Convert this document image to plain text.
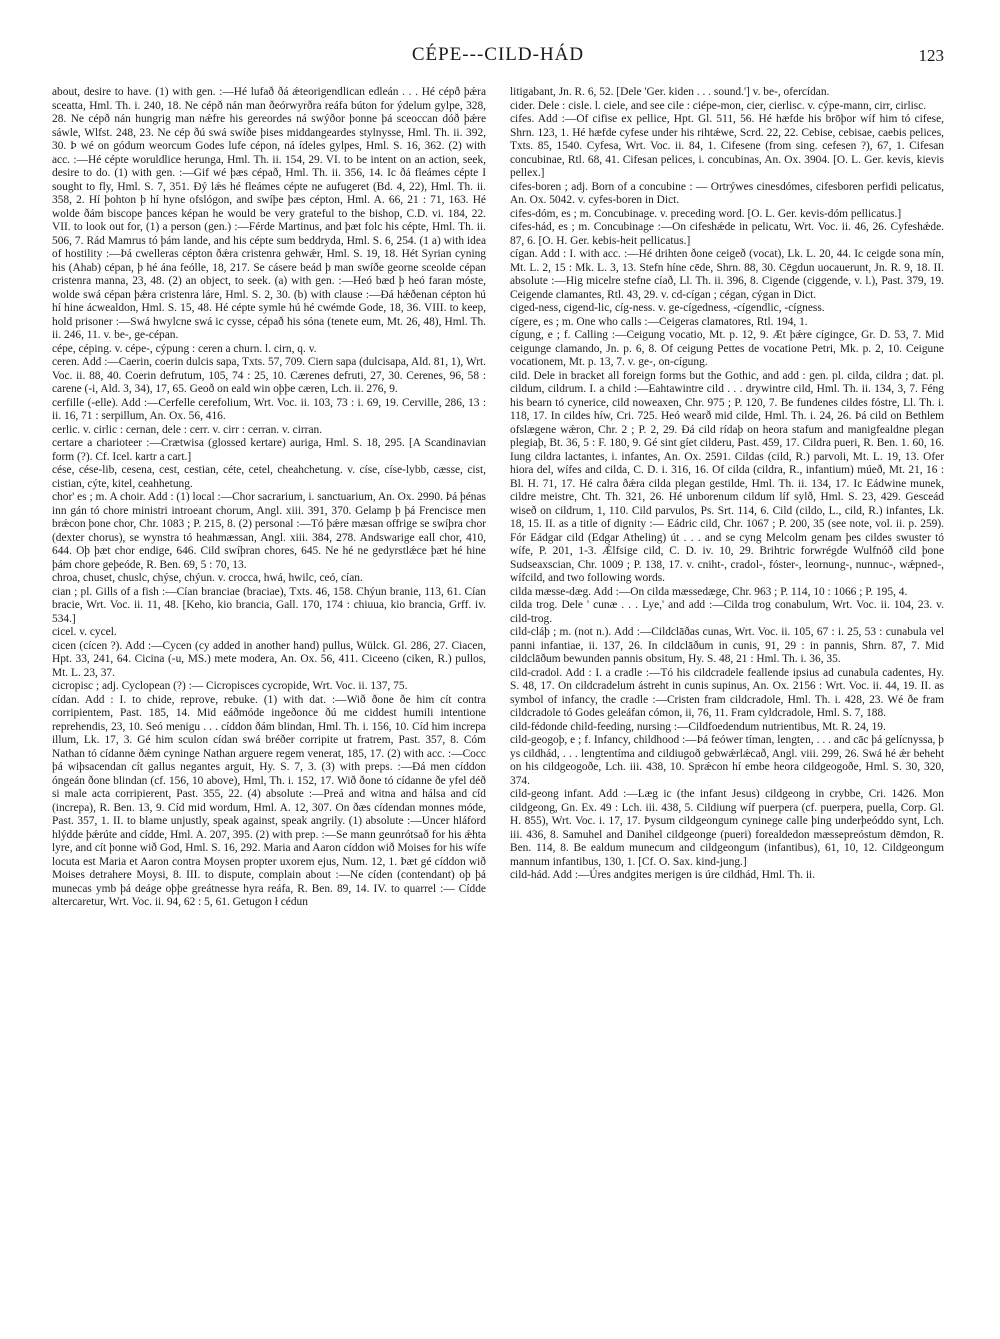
CÉPE---CILD-HÁD	123

about, desire to have. (1) with gen. :—Hé lufað ðá ǽteorigendlican edleán . . . Hé cépð þǽra sceatta, Hml. Th. i. 240, 18. Ne cépð nán man ðeórwyrðra reáfa búton for ýdelum gylpe, 328, 28. Ne cépð nán hungrig man nǽfre his gereordes ná swýðor þonne þá sceoccan dóð þǽre sáwle, Wlfst. 248, 23. Ne cép ðú swá swíðe þises middangeardes stylnysse, Hml. Th. ii. 392, 30. Þ wé on gódum weorcum Godes lufe cépon, ná ídeles gylpes, Hml. S. 16, 362. (2) with acc. :—Hé cépte woruldlice herunga, Hml. Th. ii. 154, 29. VI. to be intent on an action, seek, desire to do. (1) with gen. :—Gif wé þæs cépað, Hml. Th. ii. 356, 14. Ic ðá fleámes cépte I sought to fly, Hml. S. 7, 351. Ðý lǽs hé fleámes cépte ne aufugeret (Bd. 4, 22), Hml. Th. ii. 358, 2. Hí þohton þ hí hyne ofslógon, and swíþe þæs cépton, Hml. A. 66, 21 : 71, 163. Hé wolde ðám biscope þances képan he would be very grateful to the bishop, C.D. vi. 184, 22. VII. to look out for, (1) a person (gen.) :—Férde Martinus, and þæt folc his cépte, Hml. Th. ii. 506, 7. Rád Mamrus tó þám lande, and his cépte sum beddryda, Hml. S. 6, 254. (1 a) with idea of hostility :—Þá cwelleras cépton ðǽra cristenra gehwǽr, Hml. S. 19, 18. Hét Syrian cyning his (Ahab) cépan, þ hé ána feólle, 18, 217. Se cásere beád þ man swíðe georne sceolde cépan cristenra manna, 23, 48. (2) an object, to seek. (a) with gen. :—Heó bæd þ heó faran móste, wolde swá cépan þǽra cristenra láre, Hml. S. 2, 30. (b) with clause :—Ðá hǽðenan cépton hú hí hine ácwealdon, Hml. S. 15, 48. Hé cépte symle hú hé cwémde Gode, 18, 36. VIII. to keep, hold prisoner :—Swá hwylcne swá ic cysse, cépað his sóna (tenete eum, Mt. 26, 48), Hml. Th. ii. 246, 11. v. be-, ge-cépan.

cépe, céping. v. cépe-, cýpung : ceren a churn. l. cirn, q. v.

ceren. Add :—Caerin, coerin dulcis sapa, Txts. 57, 709. Ciern sapa (dulcisapa, Ald. 81, 1), Wrt. Voc. ii. 88, 40. Coerin defrutum, 105, 74 : 25, 10. Cærenes defruti, 27, 30. Cerenes, 96, 58 : carene (-i, Ald. 3, 34), 17, 65. Geoð on eald win oþþe cæren, Lch. ii. 276, 9.

cerfille (-elle). Add :—Cerfelle cerefolium, Wrt. Voc. ii. 103, 73 : i. 69, 19. Cerville, 286, 13 : ii. 16, 71 : serpillum, An. Ox. 56, 416.

cerlic. v. cirlic : cernan, dele : cerr. v. cirr : cerran. v. cirran.

certare a charioteer :—Crætwisa (glossed kertare) auriga, Hml. S. 18, 295. [A Scandinavian form (?). Cf. Icel. kartr a cart.]

cése, cése-lib, cesena, cest, cestian, céte, cetel, cheahchetung. v. císe, císe-lybb, cæsse, cist, cistian, cýte, kitel, ceahhetung.

chor' es ; m. A choir. Add : (1) local :—Chor sacrarium, i. sanctuarium, An. Ox. 2990. Þá þénas inn gán tó chore ministri introeant chorum, Angl. xiii. 391, 370. Gelamp þ þá Frencisce men brǽcon þone chor, Chr. 1083 ; P. 215, 8. (2) personal :—Tó þǽre mæsan offrige se swíþra chor (dexter chorus), se wynstra tó heahmæssan, Angl. xiii. 384, 278. Andswarige eall chor, 410, 644. Oþ þæt chor endige, 646. Cild swíþran chores, 645. Ne hé ne gedyrstlǽce þæt hé hine þám chore geþeóde, R. Ben. 69, 5 : 70, 13.

chroa, chuset, chuslc, chýse, chýun. v. crocca, hwá, hwilc, ceó, cían.

cian ; pl. Gills of a fish :—Cían branciae (braciae), Txts. 46, 158. Chýun branie, 113, 61. Cían bracie, Wrt. Voc. ii. 11, 48. [Keho, kio brancia, Gall. 170, 174 : chiuua, kio brancia, Grff. iv. 534.]

cicel. v. cycel.

cicen (cícen ?). Add :—Cycen (cy added in another hand) pullus, Wülck. Gl. 286, 27. Ciacen, Hpt. 33, 241, 64. Cicina (-u, MS.) mete modera, An. Ox. 56, 411. Ciceeno (ciken, R.) pullos, Mt. L. 23, 37.

cicropisc ; adj. Cyclopean (?) :— Cicropisces cycropide, Wrt. Voc. ii. 137, 75.

cídan. Add : I. to chide, reprove, rebuke. (1) with dat. :—Wið ðone ðe him cít contra corripientem, Past. 185, 14. Mid eáðmóde ingeðonce ðú me ciddest humili intentione reprehendis, 23, 10. Seó menigu . . . cíddon ðám blindan, Hml. Th. i. 156, 10. Cíd him increpa illum, Lk. 17, 3. Gé him sculon cídan swá bréðer corripite ut fratrem, Past. 357, 8. Cóm Nathan tó cídanne ðǽm cyninge Nathan arguere regem venerat, 185, 17. (2) with acc. :—Cocc þá wiþsacendan cít gallus negantes arguit, Hy. S. 7, 3. (3) with preps. :—Ðá men cíddon óngeán ðone blindan (cf. 156, 10 above), Hml, Th. i. 152, 17. Wið ðone tó cídanne ðe yfel déð si male acta corripierent, Past. 355, 22. (4) absolute :—Preá and witna and hálsa and cíd (increpa), R. Ben. 13, 9. Cíd mid wordum, Hml. A. 12, 307. On ðæs cídendan monnes móde, Past. 357, 1. II. to blame unjustly, speak against, speak angrily. (1) absolute :—Uncer hláford hlýdde þǽrúte and cídde, Hml. A. 207, 395. (2) with prep. :—Se mann geunrótsað for his ǽhta lyre, and cít þonne wið God, Hml. S. 16, 292. Maria and Aaron cíddon wið Moises for his wífe locuta est Maria et Aaron contra Moysen propter uxorem ejus, Num. 12, 1. Þæt gé cíddon wið Moises detrahere Moysi, 8. III. to dispute, complain about :—Ne cíden (contendant) oþ þá munecas ymb þá deáge oþþe greátnesse hyra reáfa, R. Ben. 89, 14. IV. to quarrel :— Cídde altercaretur, Wrt. Voc. ii. 94, 62 : 5, 61. Getugon ł cédun

litigabant, Jn. R. 6, 52. [Dele 'Ger. kiden . . . sound.'] v. be-, ofercídan.

cider. Dele : cisle. l. ciele, and see cile : ciépe-mon, cier, cierlisc. v. cýpe-mann, cirr, cirlisc.

cifes. Add :—Of cifise ex pellice, Hpt. Gl. 511, 56. Hé hæfde his brōþor wíf him tó cifese, Shrn. 123, 1. Hé hæfde cyfese under his rihtǽwe, Scrd. 22, 22. Cebise, cebisae, caebis pelices, Txts. 85, 1540. Cyfesa, Wrt. Voc. ii. 84, 1. Cifesene (from sing. cefesen ?), 67, 1. Cifesan concubinae, Rtl. 68, 41. Cifesan pelices, i. concubinas, An. Ox. 3904. [O. L. Ger. kevis, kievis pellex.]

cifes-boren ; adj. Born of a concubine : — Ortrýwes cinesdómes, cifesboren perfidi pelicatus, An. Ox. 5042. v. cyfes-boren in Dict.

cifes-dóm, es ; m. Concubinage. v. preceding word. [O. L. Ger. kevis-dóm pellicatus.]

cifes-hád, es ; m. Concubinage :—On cifeshǽde in pelicatu, Wrt. Voc. ii. 46, 26. Cyfeshǽde. 87, 6. [O. H. Ger. kebis-heit pellicatus.]

cígan. Add : I. with acc. :—Hé drihten ðone ceigeð (vocat), Lk. L. 20, 44. Ic ceigde sona mín, Mt. L. 2, 15 : Mk. L. 3, 13. Stefn híne cēde, Shrn. 88, 30. Cēgdun uocauerunt, Jn. R. 9, 18. II. absolute :—Hig micelre stefne cíað, Ll. Th. ii. 396, 8. Cigende (ciggende, v. l.), Past. 379, 19. Ceigende clamantes, Rtl. 43, 29. v. cd-cígan ; cégan, cýgan in Dict.

ciged-ness, cigend-lic, cíg-ness. v. ge-cígedness, -cígendlic, -cígness.

cígere, es ; m. One who calls :—Ceigeras clamatores, Rtl. 194, 1.

cígung, e ; f. Calling :—Ceigung vocatio, Mt. p. 12, 9. Æt þǽre cígingce, Gr. D. 53, 7. Mid ceigunge clamando, Jn. p. 6, 8. Of ceigung Pettes de vocatione Petri, Mk. p. 2, 10. Ceigune vocationem, Mt. p. 13, 7. v. ge-, on-cígung.

cild. Dele in bracket all foreign forms but the Gothic, and add : gen. pl. cilda, cildra ; dat. pl. cildum, cildrum. I. a child :—Eahtawintre cild . . . drywintre cild, Hml. Th. ii. 134, 3, 7. Féng his bearn tó cynerice, cild noweaxen, Chr. 975 ; P. 120, 7. Be fundenes cildes fóstre, Ll. Th. i. 118, 17. In cildes híw, Cri. 725. Heó wearð mid cilde, Hml. Th. i. 24, 26. Þá cild on Bethlem ofslægene wǽron, Chr. 2 ; P. 2, 29. Ðá cild rídaþ on heora stafum and manigfealdne plegan plegiaþ, Bt. 36, 5 : F. 180, 9. Gé sint gíet cilderu, Past. 459, 17. Cildra pueri, R. Ben. 1. 60, 16. Iung cildra lactantes, i. infantes, An. Ox. 2591. Cildas (cild, R.) parvoli, Mt. L. 19, 13. Ofer hiora del, wífes and cilda, C. D. i. 316, 16. Of cilda (cildra, R., infantium) múeð, Mt. 21, 16 : Bl. H. 71, 17. Hé calra ðǽra cilda plegan gestilde, Hml. Th. ii. 134, 17. Ic Eádwine munek, cildre meistre, Cht. Th. 321, 26. Hé unborenum cildum líf sylð, Hml. S. 23, 429. Gesceád wiseð on cildrum, 1, 110. Cild parvulos, Ps. Srt. 114, 6. Cild (cildo, L., cild, R.) infantes, Lk. 18, 15. II. as a title of dignity :— Eádric cild, Chr. 1067 ; P. 200, 35 (see note, vol. ii. p. 259). Fór Eádgar cild (Edgar Atheling) út . . . and se cyng Melcolm genam þes cildes swuster tó wífe, P. 201, 1-3. Ǽlfsige cild, C. D. iv. 10, 29. Brihtric forwrégde Wulfnóð cild þone Sudseaxscian, Chr. 1009 ; P. 138, 17. v. cniht-, cradol-, fóster-, leornung-, nunnuc-, wǽpned-, wífcild, and two following words.

cilda mæsse-dæg. Add :—On cilda mæssedæge, Chr. 963 ; P. 114, 10 : 1066 ; P. 195, 4.

cilda trog. Dele ' cunæ . . . Lye,' and add :—Cilda trog conabulum, Wrt. Voc. ii. 104, 23. v. cild-trog.

cild-cláþ ; m. (not n.). Add :—Cildclāðas cunas, Wrt. Voc. ii. 105, 67 : i. 25, 53 : cunabula vel panni infantiae, ii. 137, 26. In cildclāðum in cunis, 91, 29 : in pannis, Shrn. 87, 7. Mid cildclāðum bewunden pannis obsitum, Hy. S. 48, 21 : Hml. Th. i. 36, 35.

cild-cradol. Add : I. a cradle :—Tó his cildcradele feallende ipsius ad cunabula cadentes, Hy. S. 48, 17. On cildcradelum ástreht in cunis supinus, An. Ox. 2156 : Wrt. Voc. ii. 44, 19. II. as symbol of infancy, the cradle :—Cristen fram cildcradole, Hml. Th. i. 428, 23. Wé ðe fram cildcradole tó Godes geleáfan cómon, ii, 76, 11. Fram cyldcradole, Hml. S. 7, 188.

cild-fédonde child-feeding, nursing :—Cildfoedendum nutrientibus, Mt. R. 24, 19.

cild-geogoþ, e ; f. Infancy, childhood :—Þá feówer tíman, lengten, . . . and cāc þá gelícnyssa, þ ys cildhád, . . . lengtentíma and cildiugoð gebwǽrlǽcað, Angl. viii. 299, 26. Swá hé ǽr beheht on his cildgeogoðe, Lch. iii. 438, 10. Sprǽcon hí embe heora cildgeogoðe, Hml. S. 30, 320, 374.

cild-geong infant. Add :—Læg ic (the infant Jesus) cildgeong in crybbe, Cri. 1426. Mon cildgeong, Gn. Ex. 49 : Lch. iii. 438, 5. Cildiung wíf puerpera (cf. puerpera, puella, Corp. Gl. H. 855), Wrt. Voc. i. 17, 17. Þysum cildgeongum cyninege calle þing underþeóddo synt, Lch. iii. 436, 8. Samuhel and Danihel cildgeonge (pueri) forealdedon mæssepreóstum dēmdon, R. Ben. 114, 8. Be ealdum munecum and cildgeongum (infantibus), 61, 10, 12. Cildgeongum mannum infantibus, 130, 1. [Cf. O. Sax. kind-jung.]

cild-hád. Add :—Úres andgites merigen is úre cildhád, Hml. Th. ii.
